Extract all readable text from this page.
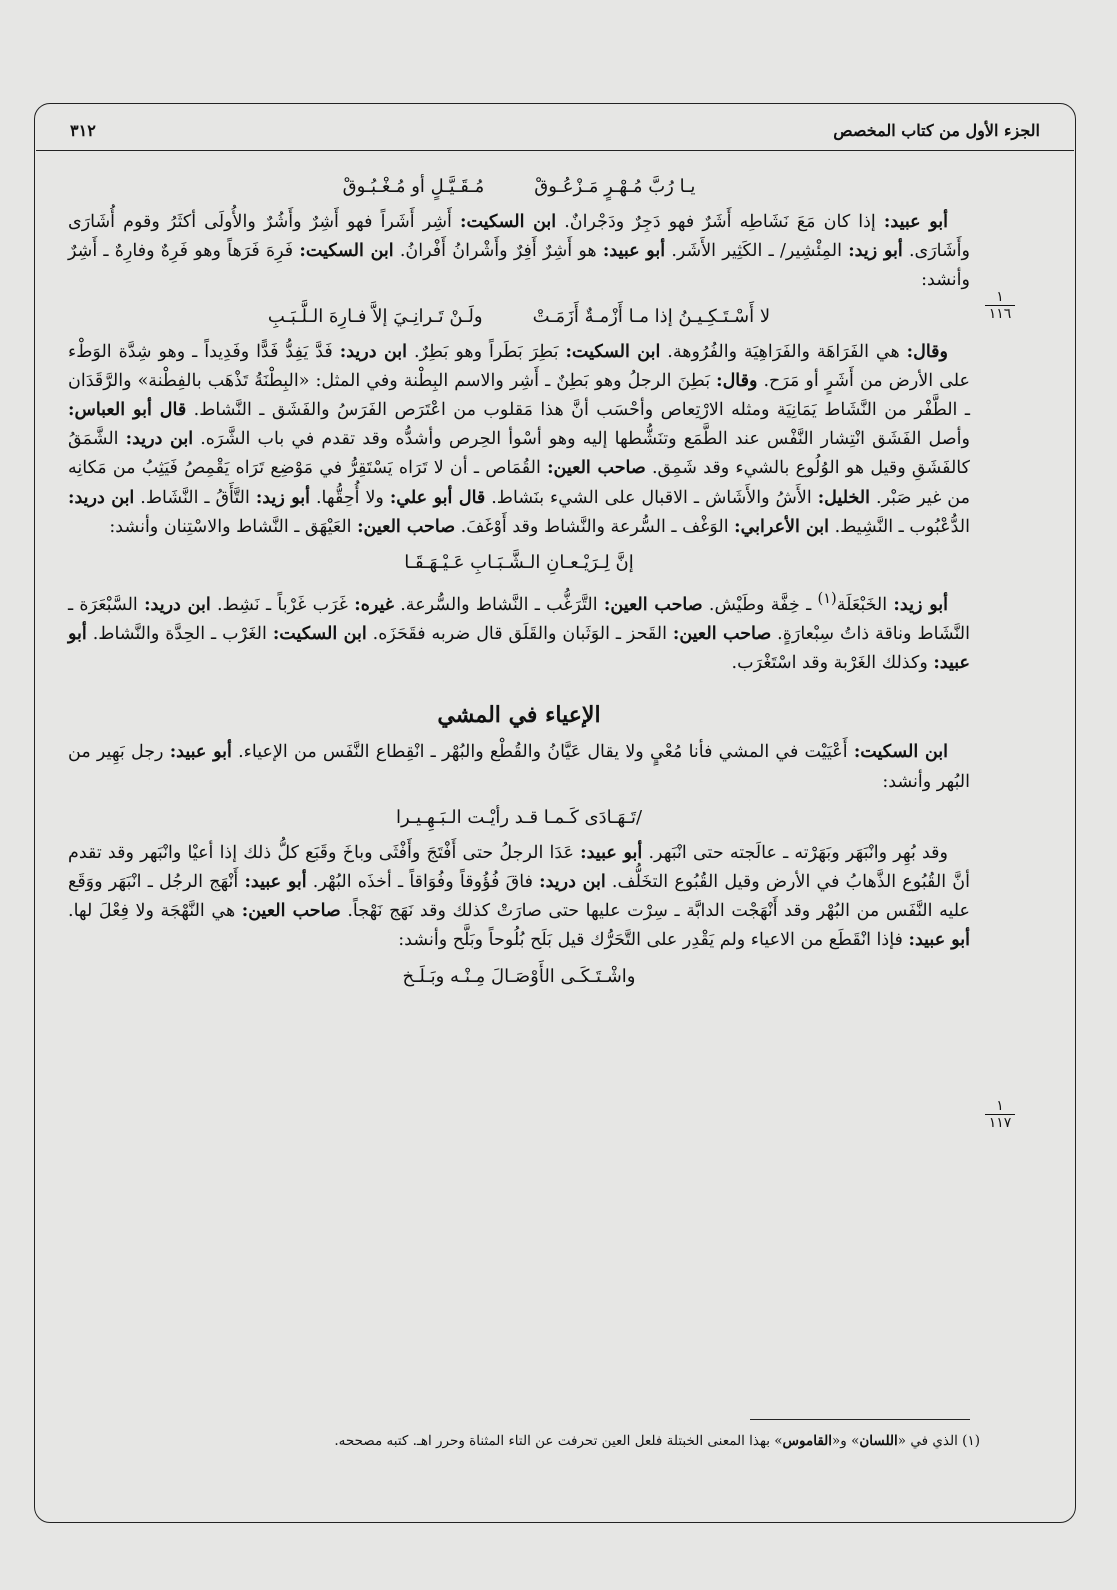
الجزء الأول من كتاب المخصص
٣١٢
١
١١٦
١
١١٧
يـا رُبَّ مُـهْـرٍ مَـزْعُـوقْ
مُـقَـيَّـلٍ أو مُـغْـبُـوقْ

أبو عبيد: إذا كان مَعَ نَشَاطِه أَشَرٌ فهو دَجِرٌ ودَجْرانٌ. ابن السكيت: أَشِر أَشَراً فهو أَشِرٌ وأَشُرٌ والأُولَى أكثَرُ وقوم أُشَارَى وأَشَارَى. أبو زيد: المِئْشِير/ ـ الكَثِير الأَشَر. أبو عبيد: هو أَشِرٌ أَفِرٌ وأَشْرانُ أَفْرانُ. ابن السكيت: فَرِهَ فَرَهاً وهو فَرِهٌ وفارِهٌ ـ أَشِرٌ وأنشد:

لا أَسْـتَـكِـيـنُ إذا مـا أَزْمـةٌ أَزَمَـتْ
ولَـنْ تَـرانِـيَ إلاَّ فـارِهَ الـلَّـبَـبِ

وقال: هي الفَرَاهَة والفَرَاهِيَة والفُرُوهة. ابن السكيت: بَطِرَ بَطَراً وهو بَطِرٌ. ابن دريد: فَدَّ يَفِدُّ فَدًّا وفَدِيداً ـ وهو شِدَّة الوَطْء على الأرض من أَشَرٍ أو مَرَح. وقال: بَطِنَ الرجلُ وهو بَطِنٌ ـ أَشِر والاسم البِطْنة وفي المثل: «البِطْنَةُ تَذْهَب بالفِطْنة» والرَّقَدَان ـ الطَّفْر من النَّشَاط يَمَانِيَة ومثله الارْتِعاص وأحْسَب أنَّ هذا مَقلوب من اعْتَرَص الفَرَسُ والفَشَق ـ النَّشاط. قال أبو العباس: وأصل الفَشَق انْتِشار النَّفْس عند الطَّمَع وتنَشُّطها إليه وهو أسْوأ الحِرص وأشدُّه وقد تقدم في باب الشَّرَه. ابن دريد: الشَّمَقُ كالفَشَقِ وقيل هو الوُلُوع بالشيء وقد شَمِق. صاحب العين: القُمَاص ـ أن لا تَرَاه يَسْتَقِرُّ في مَوْضِع تَرَاه يَقْمِصُ فَيَثِبُ من مَكانِه من غير صَبْر. الخليل: الأَشُ والأَشَاش ـ الاقبال على الشيء بنَشاط. قال أبو علي: ولا أُحِقُّها. أبو زيد: التَّأَقُ ـ النَّشَاط. ابن دريد: الدُّعْبُوب ـ النَّشِيط. ابن الأعرابي: الوَغْف ـ السُّرعة والنَّشاط وقد أَوْغَفَ. صاحب العين: العَيْهَق ـ النَّشاط والاسْتِنان وأنشد:

إنَّ لِـرَيْـعـانِ الـشَّـبَـابِ عَـيْـهَـقَـا

أبو زيد: الخَبْعَلَة$^{(١)}$ ـ خِفَّة وطَيْش. صاحب العين: التَّرَغُّب ـ النَّشاط والسُّرعة. غيره: غَرَب غَرْباً ـ نَشِط. ابن دريد: السَّبْعَرَة ـ النَّشَاط وناقة ذاتُ سِبْعارَةٍ. صاحب العين: القَحز ـ الوَثَبان والقَلَق قال ضربه فقَحَزَه. ابن السكيت: الغَرْب ـ الحِدَّة والنَّشاط. أبو عبيد: وكذلك الغَرْبة وقد اسْتَغْرَب.

الإعياء في المشي

ابن السكيت: أَعْيَيْت في المشي فأنا مُعْيٍ ولا يقال عَيَّانُ والقُطْع والبُهْر ـ انْقِطاع النَّفَس من الإعياء. أبو عبيد: رجل بَهِير من البُهر وأنشد:

/تَـهَـادَى كَـمـا قـد رأيْـت الـبَـهِـيـرا

وقد بُهِر وانْبَهَر وبَهَرْته ـ عالَجته حتى انْبَهر. أبو عبيد: عَدَا الرجلُ حتى أَفْتَجَ وأَفْثَى وباخَ وقَبَع كلُّ ذلك إذا أعيْا وانْبَهر وقد تقدم أنَّ القُبُوع الذَّهابُ في الأرض وقيل القُبُوع التخَلُّف. ابن دريد: فاقَ فُؤُوقاً وفُوَاقاً ـ أخذَه البُهْر. أبو عبيد: أَنْهَج الرجُل ـ انْبَهَر ووَقَع عليه النَّفَس من البُهْر وقد أَنْهَجْت الدابَّة ـ سِرْت عليها حتى صارَتْ كذلك وقد نَهَج نَهْجاً. صاحب العين: هي النَّهْجَة ولا فِعْلَ لها. أبو عبيد: فإذا انْقَطَع من الاعياء ولم يَقْدِر على التَّحَرُّك قيل بَلَح بُلُوحاً وبَلَّح وأنشد:

واشْـتَـكَـى الأَوْصَـالَ مِـنْـه وبَـلَـخ
(١) الذي في «اللسان» و«القاموس» بهذا المعنى الخبتلة فلعل العين تحرفت عن التاء المثناة وحرر اهـ. كتبه مصححه.
